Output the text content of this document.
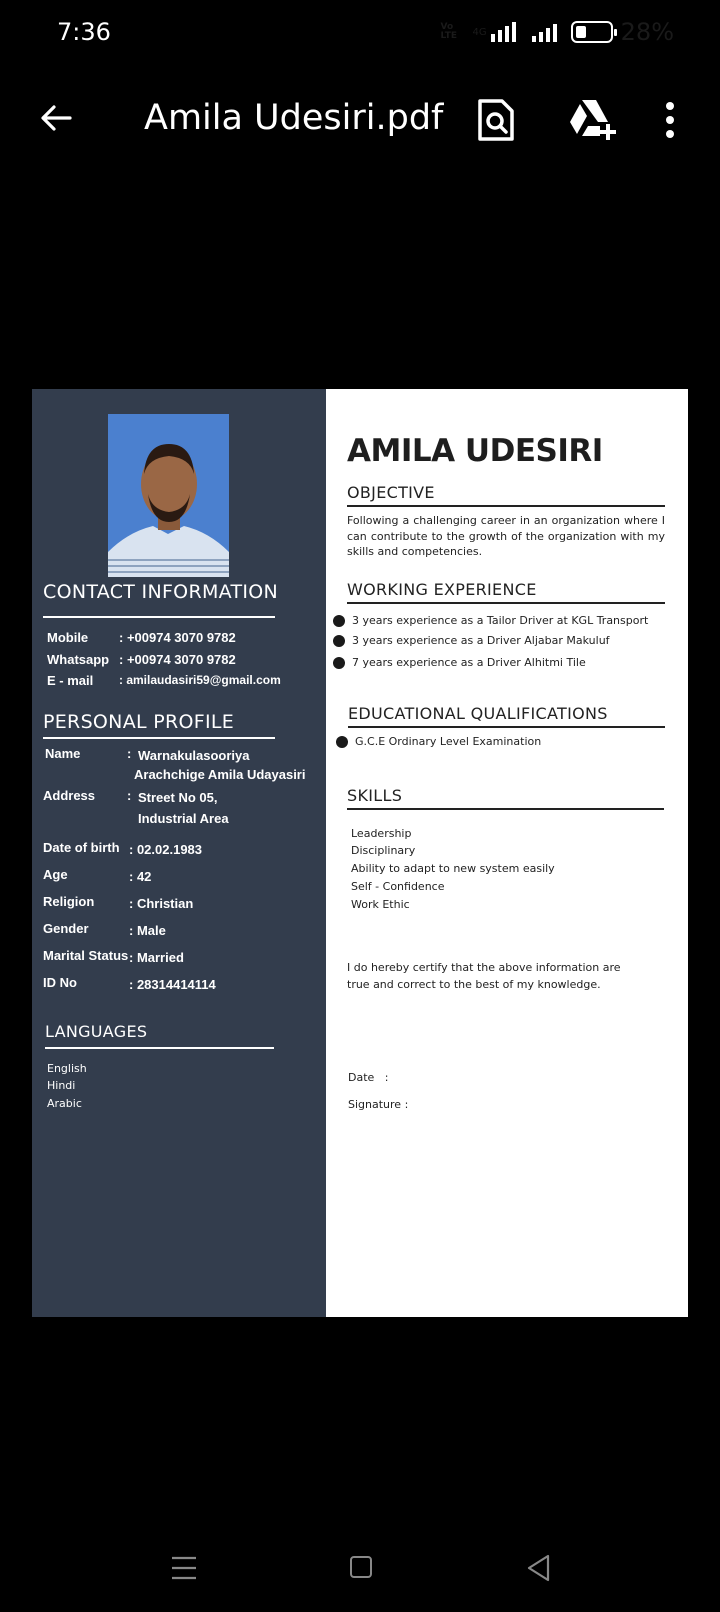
7:36	Vo LTE	4G	28%
Amila Udesiri.pdf
CONTACT INFORMATION
Mobile	: +00974 3070 9782
Whatsapp : +00974 3070 9782
E - mail	: amilaudasiri59@gmail.com
PERSONAL PROFILE
Name	: Warnakulasooriya
Arachchige Amila Udayasiri
Address	: Street No 05,
Industrial Area
Date of birth : 02.02.1983
Age	: 42
Religion	: Christian
Gender	: Male
Marital Status : Married
ID No	: 28314414114
LANGUAGES
English
Hindi
Arabic
AMILA UDESIRI
OBJECTIVE

Following a challenging career in an organization where I can contribute to the growth of the organization with my skills and competencies.

WORKING EXPERIENCE
3 years experience as a Tailor Driver at KGL Transport
3 years experience as a Driver Aljabar Makuluf
7 years experience as a Driver Alhitmi Tile
EDUCATIONAL QUALIFICATIONS
G.C.E Ordinary Level Examination
SKILLS
Leadership
Disciplinary
Ability to adapt to new system easily
Self - Confidence
Work Ethic
I do hereby certify that the above information are
true and correct to the best of my knowledge.
Date   :
Signature :
